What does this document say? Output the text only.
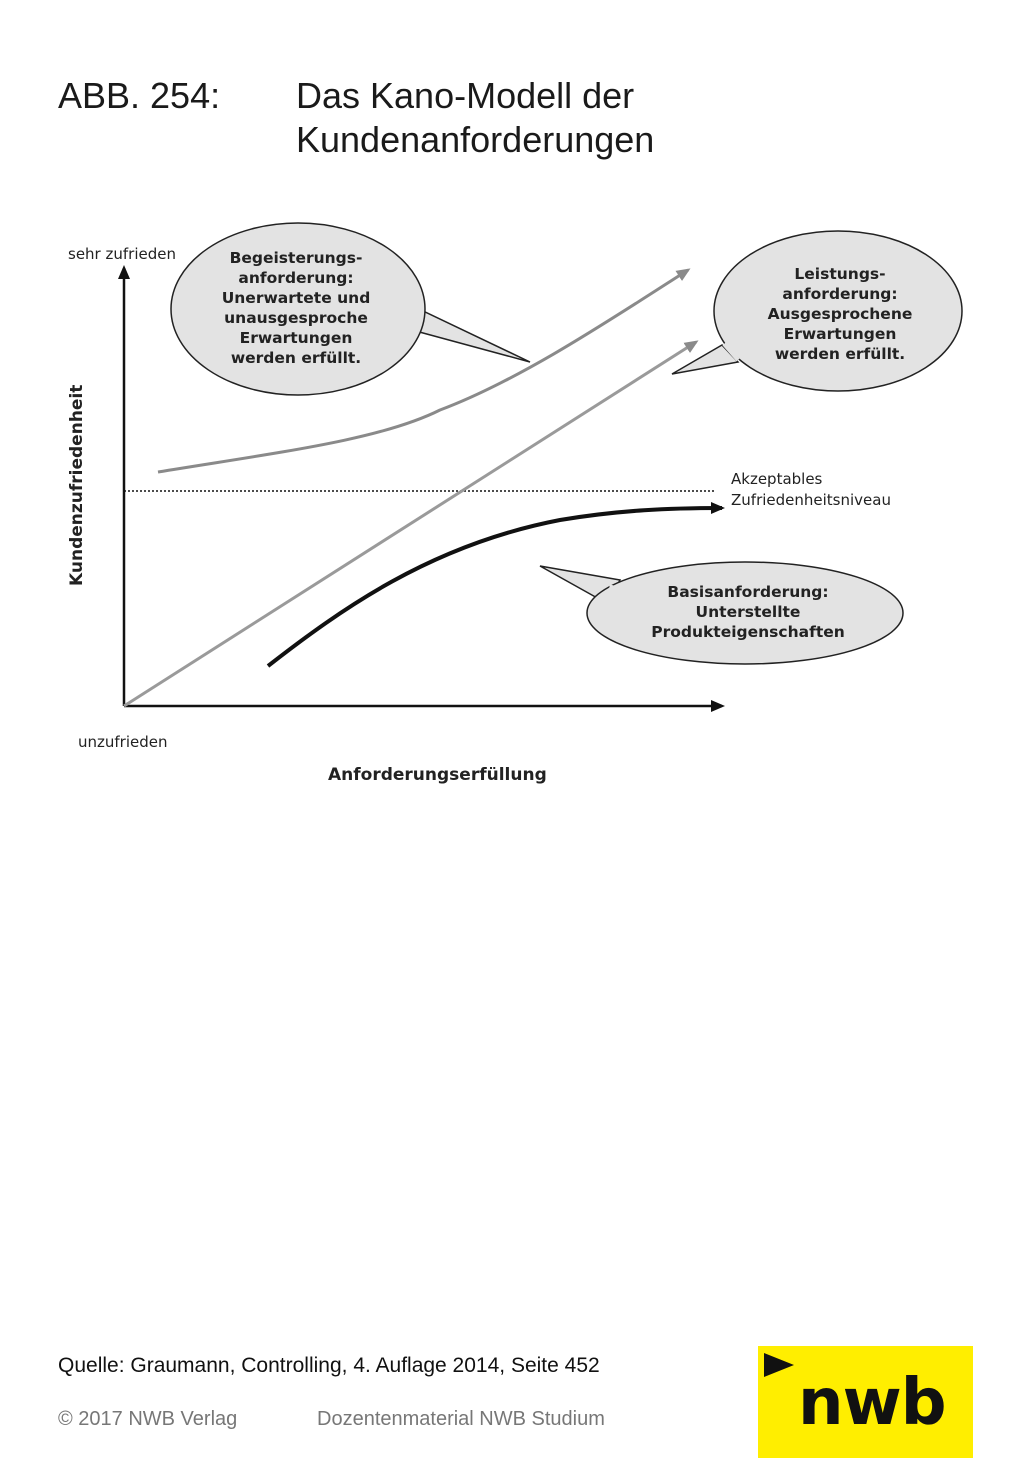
ABB. 254: Das Kano-Modell der
Kundenanforderungen
sehr zufrieden
unzufrieden
Kundenzufriedenheit
Anforderungserfüllung
Akzeptables
Zufriedenheitsniveau
Begeisterungs-
anforderung:
Unerwartete und
unausgesproche
Erwartungen
werden erfüllt.
Leistungs-
anforderung:
Ausgesprochene
Erwartungen
werden erfüllt.
Basisanforderung:
Unterstellte
Produkteigenschaften
Quelle: Graumann, Controlling, 4. Auflage 2014, Seite 452
© 2017 NWB Verlag	Dozentenmaterial NWB Studium	nwb
